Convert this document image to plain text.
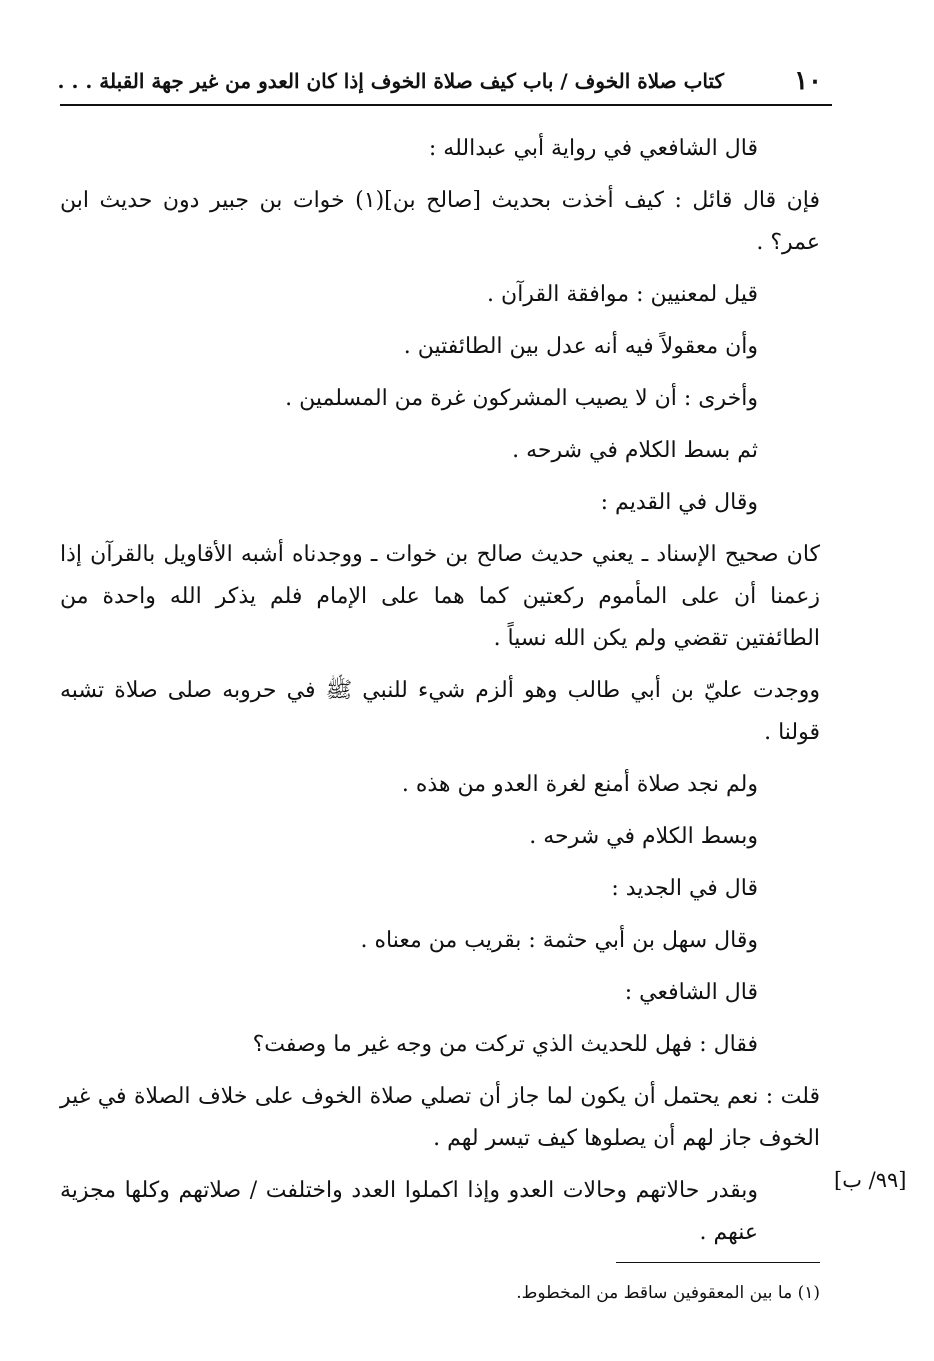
١٠
كتاب صلاة الخوف / باب كيف صلاة الخوف إذا كان العدو من غير جهة القبلة . . .

قال الشافعي في رواية أبي عبدالله :

فإن قال قائل : كيف أخذت بحديث [صالح بن](١) خوات بن جبير دون حديث ابن عمر؟ .

قيل لمعنيين : موافقة القرآن .

وأن معقولاً فيه أنه عدل بين الطائفتين .

وأخرى : أن لا يصيب المشركون غرة من المسلمين .

ثم بسط الكلام في شرحه .

وقال في القديم :

كان صحيح الإسناد ـ يعني حديث صالح بن خوات ـ ووجدناه أشبه الأقاويل بالقرآن إذا زعمنا أن على المأموم ركعتين كما هما على الإمام فلم يذكر الله واحدة من الطائفتين تقضي ولم يكن الله نسياً .

ووجدت عليّ بن أبي طالب وهو ألزم شيء للنبي ﷺ في حروبه صلى صلاة تشبه قولنا .

ولم نجد صلاة أمنع لغرة العدو من هذه .

وبسط الكلام في شرحه .

قال في الجديد :

وقال سهل بن أبي حثمة : بقريب من معناه .

قال الشافعي :

فقال : فهل للحديث الذي تركت من وجه غير ما وصفت؟

قلت : نعم يحتمل أن يكون لما جاز أن تصلي صلاة الخوف على خلاف الصلاة في غير الخوف جاز لهم أن يصلوها كيف تيسر لهم .

وبقدر حالاتهم وحالات العدو وإذا اكملوا العدد واختلفت / صلاتهم وكلها مجزية عنهم .

[٩٩/ ب]
(١) ما بين المعقوفين ساقط من المخطوط.
